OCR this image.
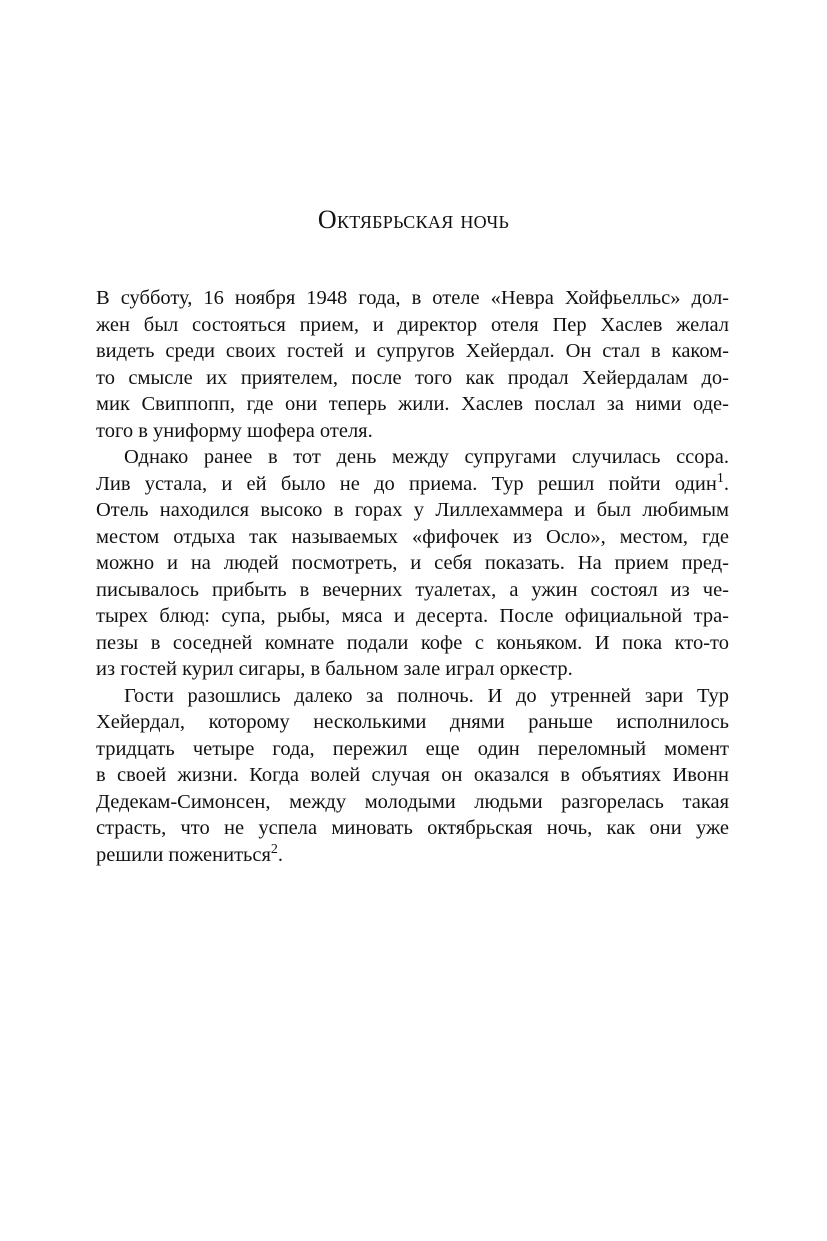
Октябрьская ночь

В субботу, 16 ноября 1948 года, в отеле «Невра Хойфьелльс» дол-
жен был состояться прием, и директор отеля Пер Хаслев желал
видеть среди своих гостей и супругов Хейердал. Он стал в каком-
то смысле их приятелем, после того как продал Хейердалам до-
мик Свиппопп, где они теперь жили. Хаслев послал за ними оде-
того в униформу шофера отеля.

Однако ранее в тот день между супругами случилась ссора.
Лив устала, и ей было не до приема. Тур решил пойти один$^1$.
Отель находился высоко в горах у Лиллехаммера и был любимым
местом отдыха так называемых «фифочек из Осло», местом, где
можно и на людей посмотреть, и себя показать. На прием пред-
писывалось прибыть в вечерних туалетах, а ужин состоял из че-
тырех блюд: супа, рыбы, мяса и десерта. После официальной тра-
пезы в соседней комнате подали кофе с коньяком. И пока кто-то
из гостей курил сигары, в бальном зале играл оркестр.

Гости разошлись далеко за полночь. И до утренней зари Тур
Хейердал, которому несколькими днями раньше исполнилось
тридцать четыре года, пережил еще один переломный момент
в своей жизни. Когда волей случая он оказался в объятиях Ивонн
Дедекам-Симонсен, между молодыми людьми разгорелась такая
страсть, что не успела миновать октябрьская ночь, как они уже
решили пожениться$^2$.
